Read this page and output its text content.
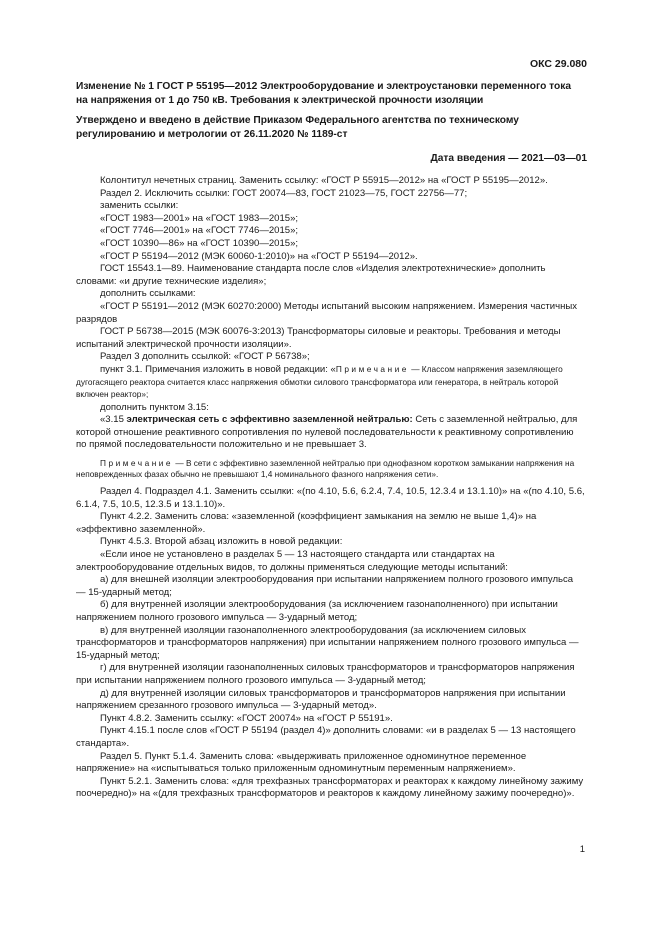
ОКС 29.080
Изменение № 1 ГОСТ Р 55195—2012 Электрооборудование и электроустановки переменного тока на напряжения от 1 до 750 кВ. Требования к электрической прочности изоляции
Утверждено и введено в действие Приказом Федерального агентства по техническому регулированию и метрологии от 26.11.2020 № 1189-ст
Дата введения — 2021—03—01

Колонтитул нечетных страниц. Заменить ссылку: «ГОСТ Р 55915—2012» на «ГОСТ Р 55195—2012».

Раздел 2. Исключить ссылки: ГОСТ 20074—83, ГОСТ 21023—75, ГОСТ 22756—77;

заменить ссылки:

«ГОСТ 1983—2001» на «ГОСТ 1983—2015»;

«ГОСТ 7746—2001» на «ГОСТ 7746—2015»;

«ГОСТ 10390—86» на «ГОСТ 10390—2015»;

«ГОСТ Р 55194—2012 (МЭК 60060-1:2010)» на «ГОСТ Р 55194—2012».

ГОСТ 15543.1—89. Наименование стандарта после слов «Изделия электротехнические» дополнить словами: «и другие технические изделия»;

дополнить ссылками:

«ГОСТ Р 55191—2012 (МЭК 60270:2000) Методы испытаний высоким напряжением. Измерения частичных разрядов

ГОСТ Р 56738—2015 (МЭК 60076-3:2013) Трансформаторы силовые и реакторы. Требования и методы испытаний электрической прочности изоляции».

Раздел 3 дополнить ссылкой: «ГОСТ Р 56738»;

пункт 3.1. Примечания изложить в новой редакции: «Примечание — Классом напряжения заземляющего дугогасящего реактора считается класс напряжения обмотки силового трансформатора или генератора, в нейтраль которой включен реактор»;

дополнить пунктом 3.15:

«3.15 электрическая сеть с эффективно заземленной нейтралью: Сеть с заземленной нейтралью, для которой отношение реактивного сопротивления по нулевой последовательности к реактивному сопротивлению по прямой последовательности положительно и не превышает 3.

Примечание — В сети с эффективно заземленной нейтралью при однофазном коротком замыкании напряжения на неповрежденных фазах обычно не превышают 1,4 номинального фазного напряжения сети».

Раздел 4. Подраздел 4.1. Заменить ссылки: «(по 4.10, 5.6, 6.2.4, 7.4, 10.5, 12.3.4 и 13.1.10)» на «(по 4.10, 5.6, 6.1.4, 7.5, 10.5, 12.3.5 и 13.1.10)».

Пункт 4.2.2. Заменить слова: «заземленной (коэффициент замыкания на землю не выше 1,4)» на «эффективно заземленной».

Пункт 4.5.3. Второй абзац изложить в новой редакции:

«Если иное не установлено в разделах 5 — 13 настоящего стандарта или стандартах на электрооборудование отдельных видов, то должны применяться следующие методы испытаний:

а) для внешней изоляции электрооборудования при испытании напряжением полного грозового импульса — 15-ударный метод;

б) для внутренней изоляции электрооборудования (за исключением газонаполненного) при испытании напряжением полного грозового импульса — 3-ударный метод;

в) для внутренней изоляции газонаполненного электрооборудования (за исключением силовых трансформаторов и трансформаторов напряжения) при испытании напряжением полного грозового импульса — 15-ударный метод;

г) для внутренней изоляции газонаполненных силовых трансформаторов и трансформаторов напряжения при испытании напряжением полного грозового импульса — 3-ударный метод;

д) для внутренней изоляции силовых трансформаторов и трансформаторов напряжения при испытании напряжением срезанного грозового импульса — 3-ударный метод».

Пункт 4.8.2. Заменить ссылку: «ГОСТ 20074» на «ГОСТ Р 55191».

Пункт 4.15.1 после слов «ГОСТ Р 55194 (раздел 4)» дополнить словами: «и в разделах 5 — 13 настоящего стандарта».

Раздел 5. Пункт 5.1.4. Заменить слова: «выдерживать приложенное одноминутное переменное напряжение» на «испытываться только приложенным одноминутным переменным напряжением».

Пункт 5.2.1. Заменить слова: «для трехфазных трансформаторах и реакторах к каждому линейному зажиму поочередно)» на «(для трехфазных трансформаторов и реакторов к каждому линейному зажиму поочередно)».

1
